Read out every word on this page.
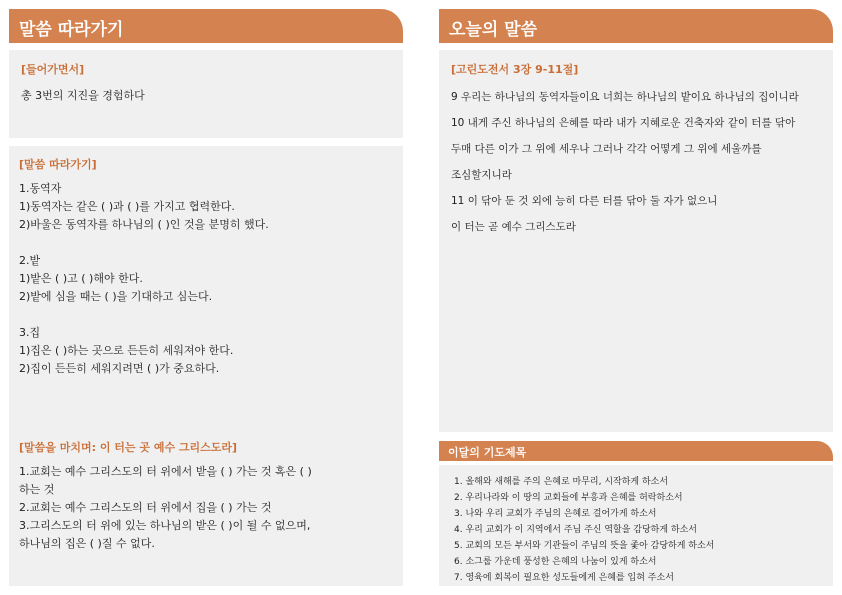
말씀 따라가기
[들어가면서]
총 3번의 지진을 경험하다
[말씀 따라가기]
1.동역자
1)동역자는 같은 ( )과 ( )를 가지고 협력한다.
2)바울은 동역자를 하나님의 ( )인 것을 분명히 했다.
2.밭
1)밭은 ( )고 ( )해야 한다.
2)밭에 심을 때는 ( )을 기대하고 심는다.
3.집
1)집은 ( )하는 곳으로 든든히 세워져야 한다.
2)집이 든든히 세워지려면 ( )가 중요하다.
[말씀을 마치며: 이 터는 곳 예수 그리스도라]
1.교회는 예수 그리스도의 터 위에서 받을 ( ) 가는 것 혹은 ( )
하는 것
2.교회는 예수 그리스도의 터 위에서 집을 ( ) 가는 것
3.그리스도의 터 위에 있는 하나님의 받은 ( )이 될 수 없으며,
하나님의 집은 ( )질 수 없다.
오늘의 말씀
[고린도전서 3장 9-11절]
9 우리는 하나님의 동역자들이요 너희는 하나님의 밭이요 하나님의 집이니라
10 내게 주신 하나님의 은혜를 따라 내가 지혜로운 건축자와 같이 터를 닦아
두매 다른 이가 그 위에 세우나 그러나 각각 어떻게 그 위에 세울까를
조심할지니라
11 이 닦아 둔 것 외에 능히 다른 터를 닦아 둘 자가 없으니
이 터는 곧 예수 그리스도라
이달의 기도제목
1. 올해와 새해를 주의 은혜로 마무리, 시작하게 하소서
2. 우리나라와 이 땅의 교회들에 부흥과 은혜를 허락하소서
3. 나와 우리 교회가 주님의 은혜로 걸어가게 하소서
4. 우리 교회가 이 지역에서 주님 주신 역할을 감당하게 하소서
5. 교회의 모든 부서와 기관들이 주님의 뜻을 좇아 감당하게 하소서
6. 소그룹 가운데 풍성한 은혜의 나눔이 있게 하소서
7. 영육에 회복이 필요한 성도들에게 은혜를 입혀 주소서
